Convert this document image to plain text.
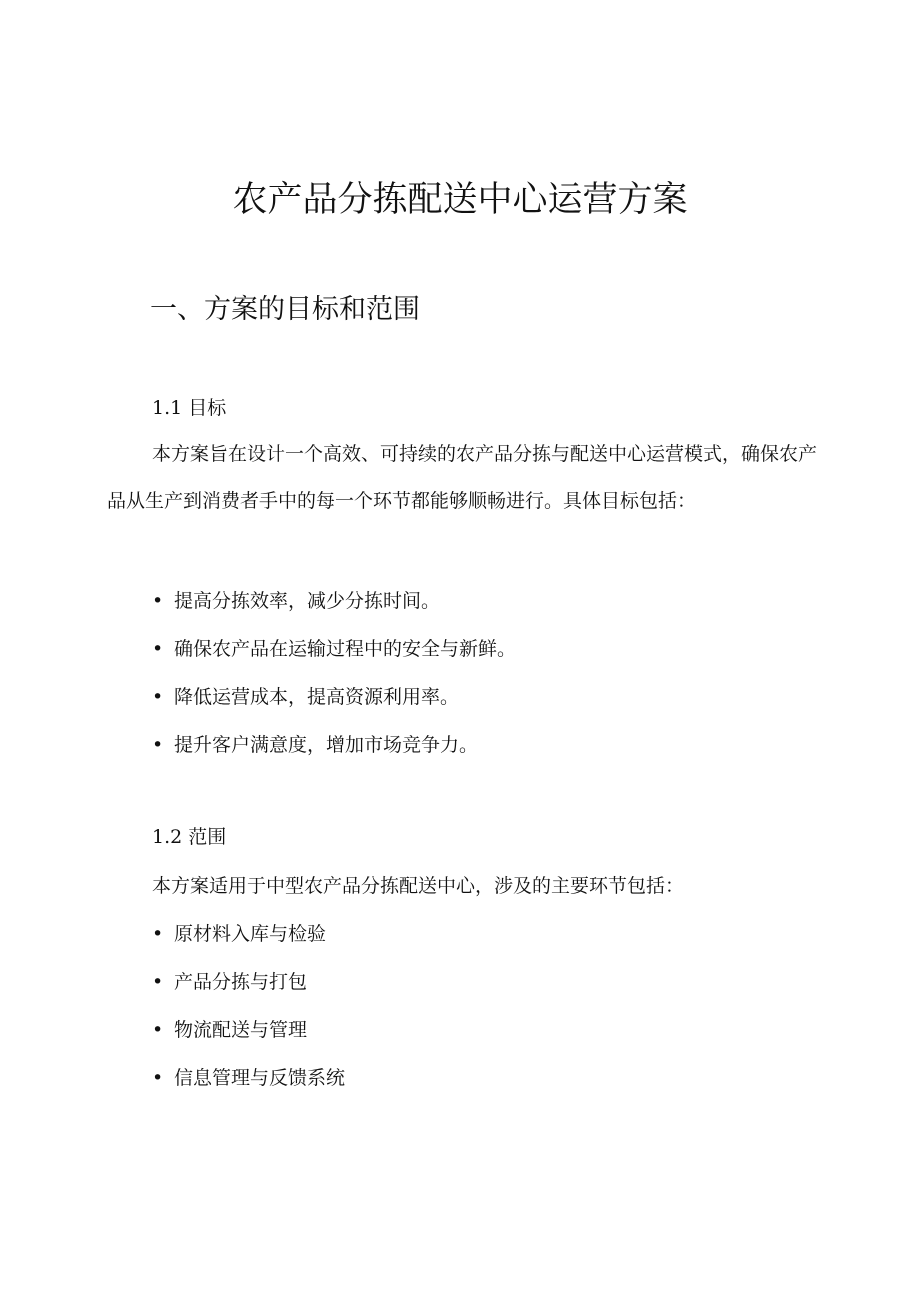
农产品分拣配送中心运营方案
一、方案的目标和范围
1.1 目标

本方案旨在设计一个高效、可持续的农产品分拣与配送中心运营模式，确保农产品从生产到消费者手中的每一个环节都能够顺畅进行。具体目标包括：

• 提高分拣效率，减少分拣时间。
• 确保农产品在运输过程中的安全与新鲜。
• 降低运营成本，提高资源利用率。
• 提升客户满意度，增加市场竞争力。
1.2 范围

本方案适用于中型农产品分拣配送中心，涉及的主要环节包括：

• 原材料入库与检验
• 产品分拣与打包
• 物流配送与管理
• 信息管理与反馈系统
